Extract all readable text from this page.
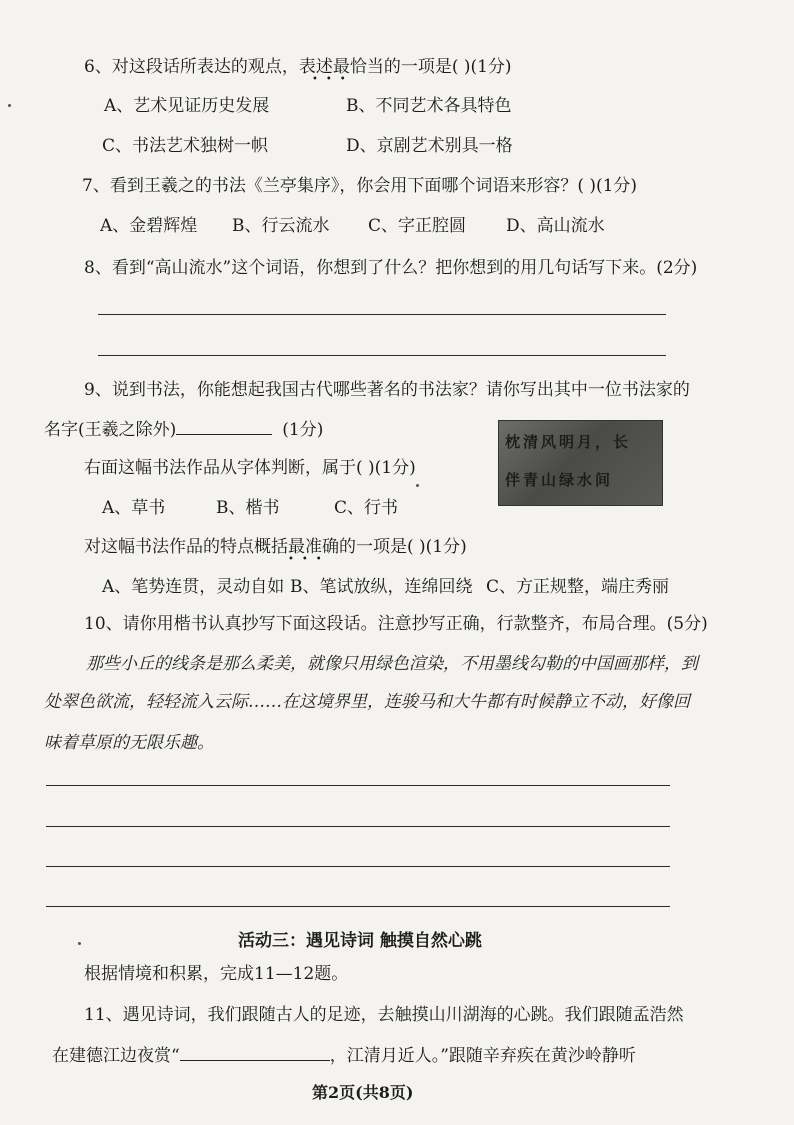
6、对这段话所表达的观点，表述最恰当的一项是( )(1分)
•••
A、艺术见证历史发展	B、不同艺术各具特色
C、书法艺术独树一帜	D、京剧艺术别具一格
7、看到王羲之的书法《兰亭集序》，你会用下面哪个词语来形容？( )(1分)
A、金碧辉煌 B、行云流水 C、字正腔圆 D、高山流水
8、看到“高山流水”这个词语，你想到了什么？把你想到的用几句话写下来。(2分)
9、说到书法，你能想起我国古代哪些著名的书法家？请你写出其中一位书法家的
名字(王羲之除外)	(1分)
枕清风明月，长
伴青山绿水间
右面这幅书法作品从字体判断，属于( )(1分)
A、草书	B、楷书	C、行书
对这幅书法作品的特点概括最准确的一项是( )(1分)
•••
A、笔势连贯，灵动自如 B、笔试放纵，连绵回绕 C、方正规整，端庄秀丽
10、请你用楷书认真抄写下面这段话。注意抄写正确，行款整齐，布局合理。(5分)
那些小丘的线条是那么柔美，就像只用绿色渲染，不用墨线勾勒的中国画那样，到
处翠色欲流，轻轻流入云际……在这境界里，连骏马和大牛都有时候静立不动，好像回
味着草原的无限乐趣。
活动三：遇见诗词 触摸自然心跳
根据情境和积累，完成11—12题。
11、遇见诗词，我们跟随古人的足迹，去触摸山川湖海的心跳。我们跟随孟浩然
在建德江边夜赏“	，江清月近人。”跟随辛弃疾在黄沙岭静听
第2页(共8页)
